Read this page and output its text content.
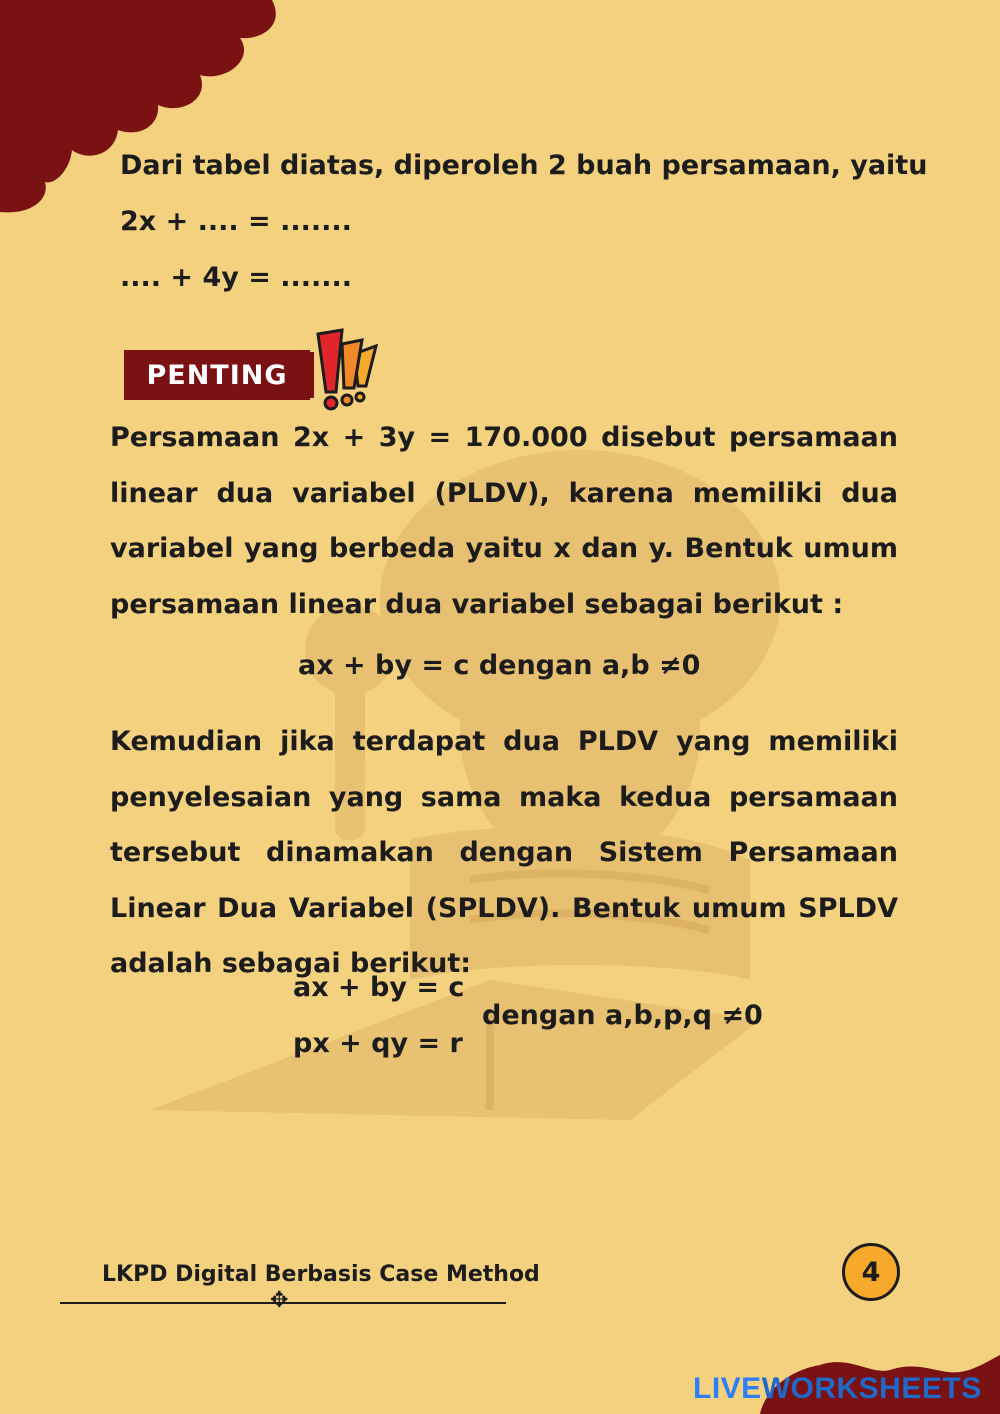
Dari tabel diatas, diperoleh 2 buah persamaan, yaitu
2x + .... = .......
.... + 4y = .......
PENTING

Persamaan 2x + 3y = 170.000 disebut persamaan linear dua variabel (PLDV), karena memiliki dua variabel yang berbeda yaitu x dan y. Bentuk umum persamaan linear dua variabel sebagai berikut :

ax + by = c dengan a,b ≠0

Kemudian jika terdapat dua PLDV yang memiliki penyelesaian yang sama maka kedua persamaan tersebut dinamakan dengan Sistem Persamaan Linear Dua Variabel (SPLDV). Bentuk umum SPLDV adalah sebagai berikut:

ax + by = c
px + qy = r
dengan a,b,p,q ≠0
LKPD Digital Berbasis Case Method
✥
4
LIVEWORKSHEETS
